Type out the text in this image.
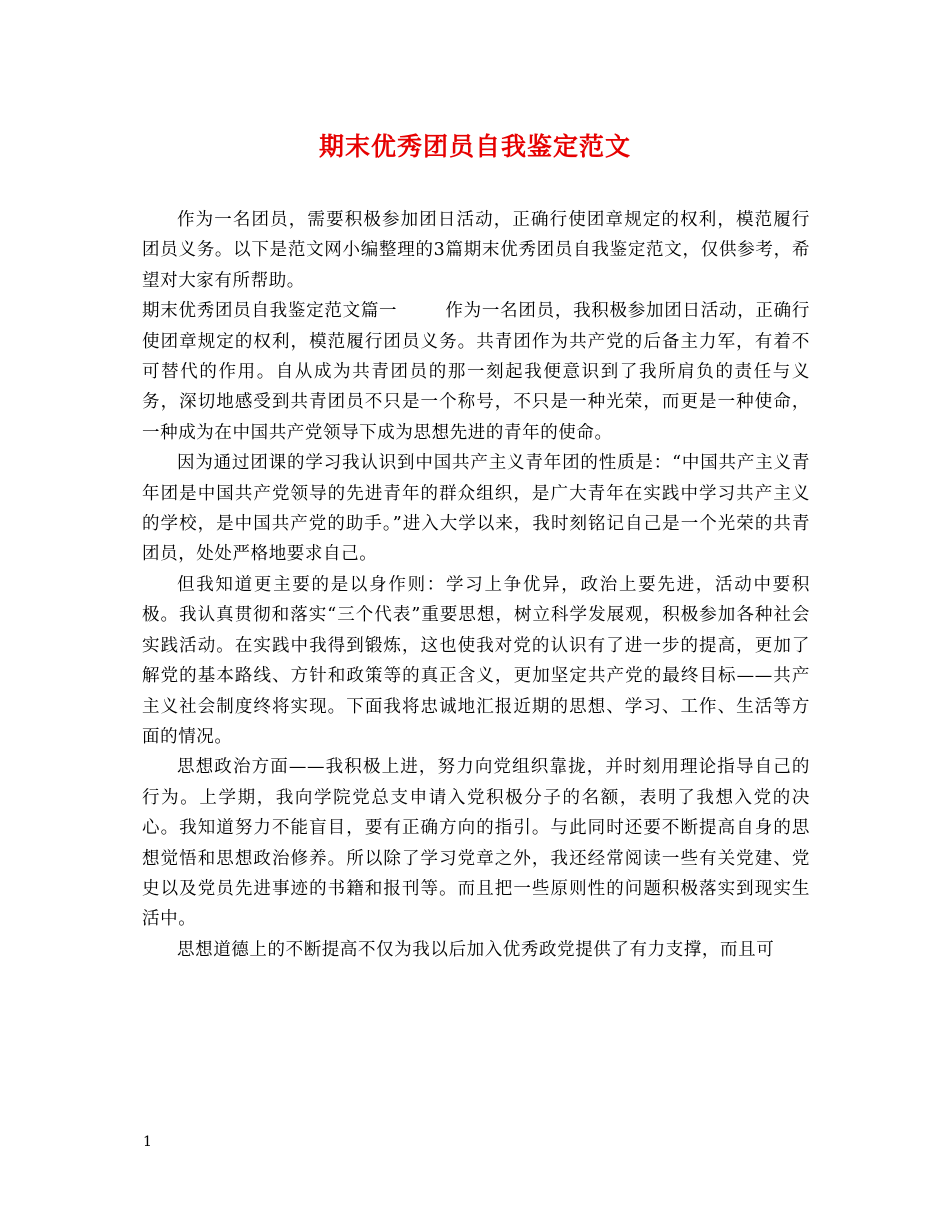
期末优秀团员自我鉴定范文

作为一名团员，需要积极参加团日活动，正确行使团章规定的权利，模范履行团员义务。以下是范文网小编整理的3篇期末优秀团员自我鉴定范文，仅供参考，希望对大家有所帮助。

期末优秀团员自我鉴定范文篇一	作为一名团员，我积极参加团日活动，正确行使团章规定的权利，模范履行团员义务。共青团作为共产党的后备主力军，有着不可替代的作用。自从成为共青团员的那一刻起我便意识到了我所肩负的责任与义务，深切地感受到共青团员不只是一个称号，不只是一种光荣，而更是一种使命，一种成为在中国共产党领导下成为思想先进的青年的使命。

因为通过团课的学习我认识到中国共产主义青年团的性质是：“中国共产主义青年团是中国共产党领导的先进青年的群众组织，是广大青年在实践中学习共产主义的学校，是中国共产党的助手。”进入大学以来，我时刻铭记自己是一个光荣的共青团员，处处严格地要求自己。

但我知道更主要的是以身作则：学习上争优异，政治上要先进，活动中要积极。我认真贯彻和落实“三个代表”重要思想，树立科学发展观，积极参加各种社会实践活动。在实践中我得到锻炼，这也使我对党的认识有了进一步的提高，更加了解党的基本路线、方针和政策等的真正含义，更加坚定共产党的最终目标——共产主义社会制度终将实现。下面我将忠诚地汇报近期的思想、学习、工作、生活等方面的情况。

思想政治方面——我积极上进，努力向党组织靠拢，并时刻用理论指导自己的行为。上学期，我向学院党总支申请入党积极分子的名额，表明了我想入党的决心。我知道努力不能盲目，要有正确方向的指引。与此同时还要不断提高自身的思想觉悟和思想政治修养。所以除了学习党章之外，我还经常阅读一些有关党建、党史以及党员先进事迹的书籍和报刊等。而且把一些原则性的问题积极落实到现实生活中。

思想道德上的不断提高不仅为我以后加入优秀政党提供了有力支撑，而且可

1
